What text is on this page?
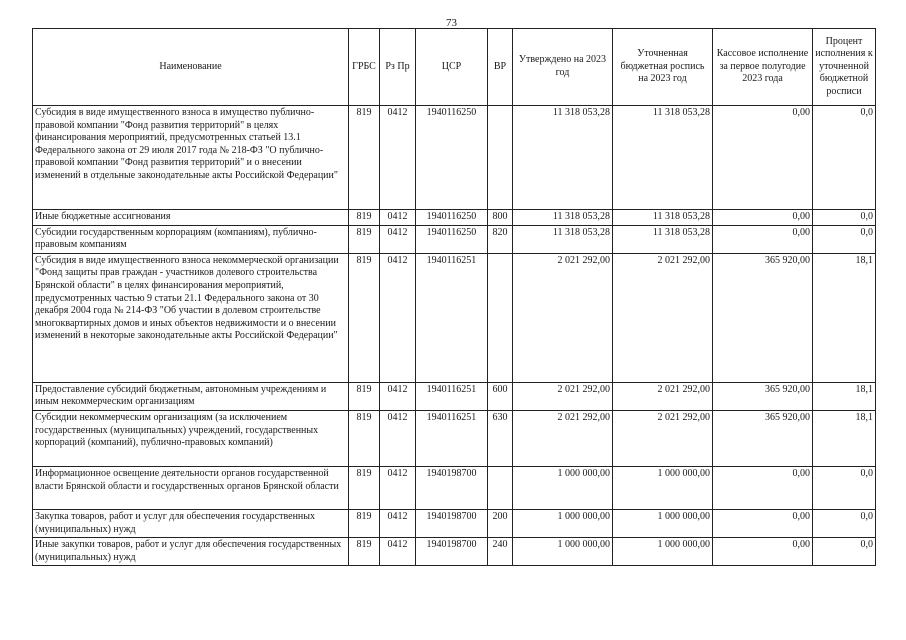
73
Наименование	ГРБС	Рз Пр	ЦСР	ВР	Утверждено на 2023 год	Уточненная бюджетная роспись на 2023 год	Кассовое исполнение за первое полугодие 2023 года	Процент исполнения к уточненной бюджетной росписи
Субсидия в виде имущественного взноса в имущество публично-правовой компании "Фонд развития территорий" в целях финансирования мероприятий, предусмотренных статьей 13.1 Федерального закона от 29 июля 2017 года № 218-ФЗ "О публично-правовой компании "Фонд развития территорий" и о внесении изменений в отдельные законодательные акты Российской Федерации"	819	0412	1940116250		11 318 053,28	11 318 053,28	0,00	0,0
Иные бюджетные ассигнования	819	0412	1940116250	800	11 318 053,28	11 318 053,28	0,00	0,0
Субсидии государственным корпорациям (компаниям), публично-правовым компаниям	819	0412	1940116250	820	11 318 053,28	11 318 053,28	0,00	0,0
Субсидия в виде имущественного взноса некоммерческой организации "Фонд защиты прав граждан - участников долевого строительства Брянской области" в целях финансирования мероприятий, предусмотренных частью 9 статьи 21.1 Федерального закона от 30 декабря 2004 года № 214-ФЗ "Об участии в долевом строительстве многоквартирных домов и иных объектов недвижимости и о внесении изменений в некоторые законодательные акты Российской Федерации"	819	0412	1940116251		2 021 292,00	2 021 292,00	365 920,00	18,1
Предоставление субсидий бюджетным, автономным учреждениям и иным некоммерческим организациям	819	0412	1940116251	600	2 021 292,00	2 021 292,00	365 920,00	18,1
Субсидии некоммерческим организациям (за исключением государственных (муниципальных) учреждений, государственных корпораций (компаний), публично-правовых компаний)	819	0412	1940116251	630	2 021 292,00	2 021 292,00	365 920,00	18,1
Информационное освещение деятельности органов государственной власти Брянской области и государственных органов Брянской области	819	0412	1940198700		1 000 000,00	1 000 000,00	0,00	0,0
Закупка товаров, работ и услуг для обеспечения государственных (муниципальных) нужд	819	0412	1940198700	200	1 000 000,00	1 000 000,00	0,00	0,0
Иные закупки товаров, работ и услуг для обеспечения государственных (муниципальных) нужд	819	0412	1940198700	240	1 000 000,00	1 000 000,00	0,00	0,0
